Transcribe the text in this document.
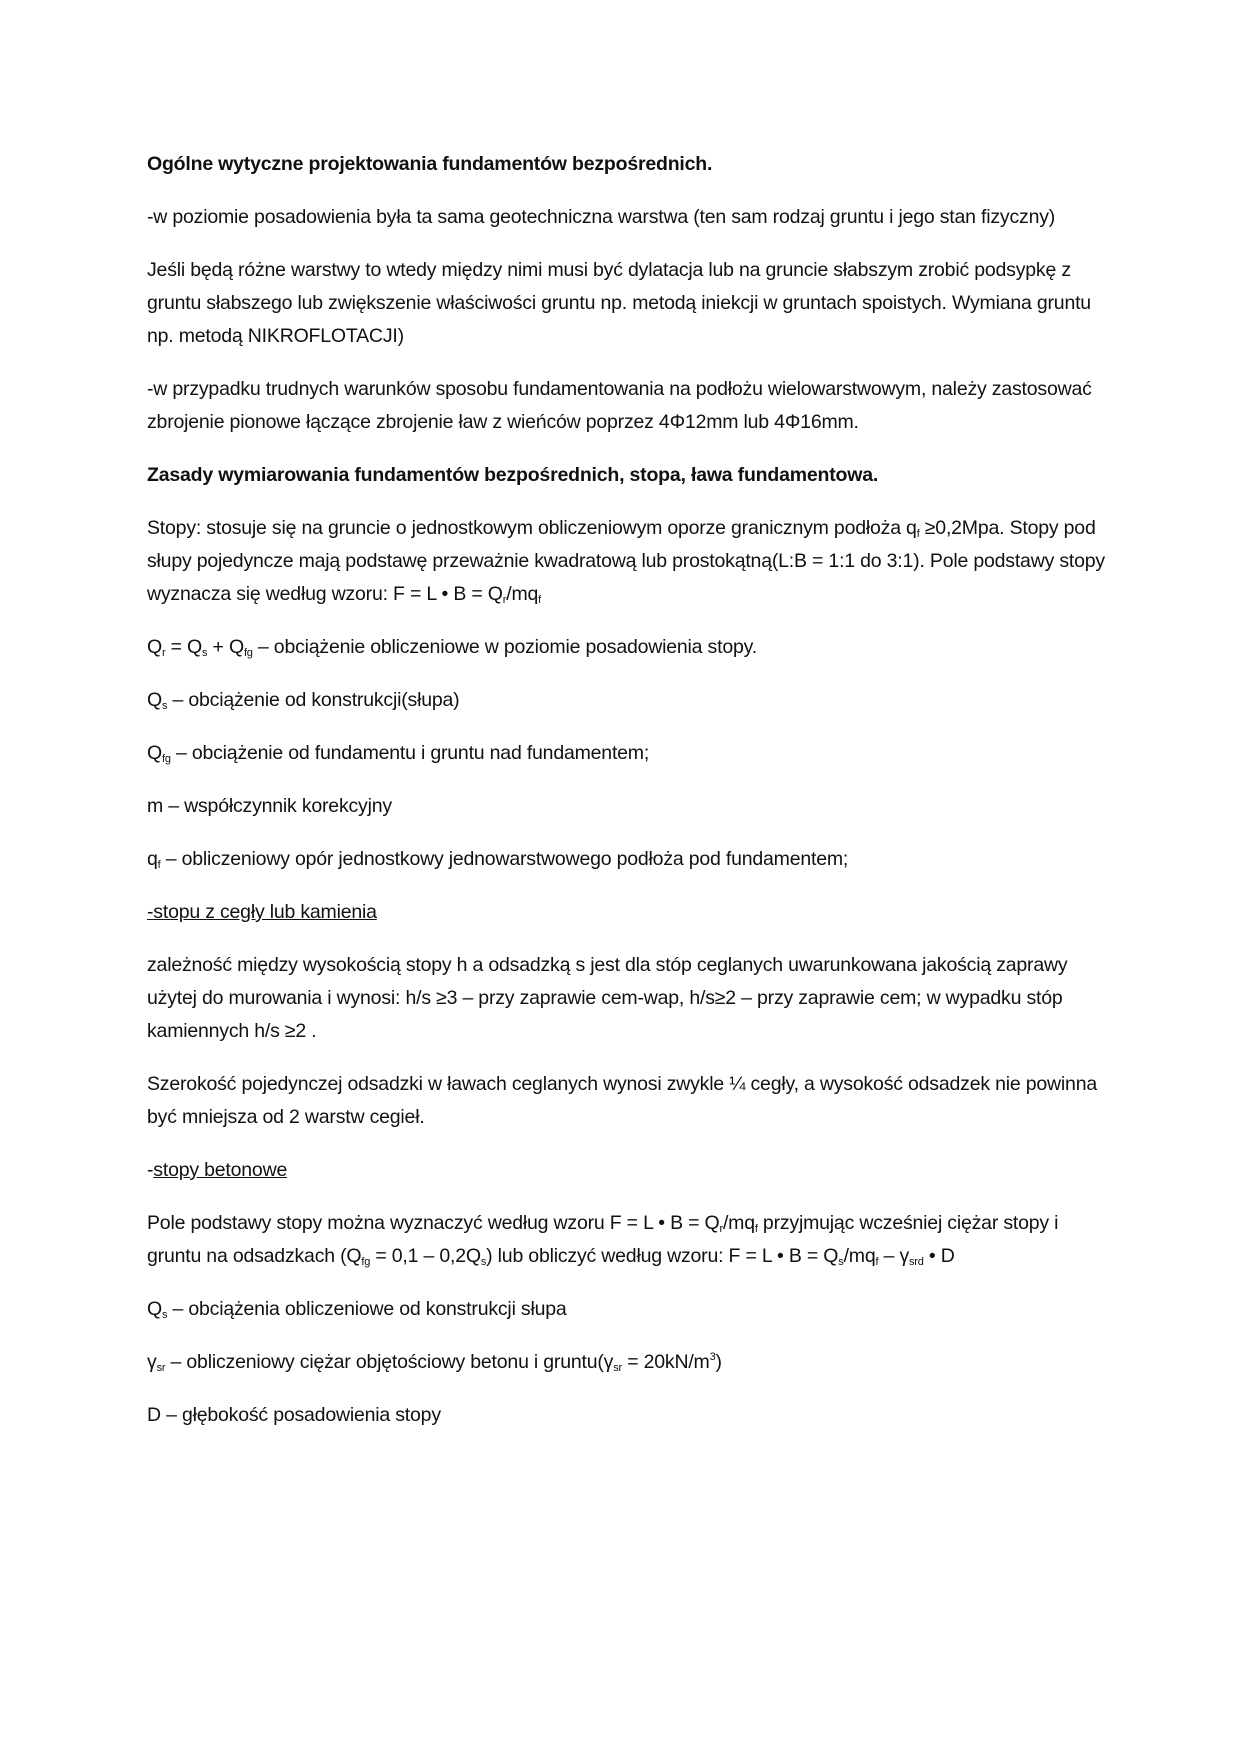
Ogólne wytyczne projektowania fundamentów bezpośrednich.

-w poziomie posadowienia była ta sama geotechniczna warstwa (ten sam rodzaj gruntu i jego stan fizyczny)

Jeśli będą różne warstwy to wtedy między nimi musi być dylatacja lub na gruncie słabszym zrobić podsypkę z gruntu słabszego lub zwiększenie właściwości gruntu np. metodą iniekcji w gruntach spoistych. Wymiana gruntu np. metodą NIKROFLOTACJI)

-w przypadku trudnych warunków sposobu fundamentowania na podłożu wielowarstwowym, należy zastosować zbrojenie pionowe łączące zbrojenie ław z wieńców poprzez 4Φ12mm lub 4Φ16mm.

Zasady wymiarowania fundamentów bezpośrednich, stopa, ława fundamentowa.

Stopy: stosuje się na gruncie o jednostkowym obliczeniowym oporze granicznym podłoża $q_f \ge 0,2Mpa$. Stopy pod słupy pojedyncze mają podstawę przeważnie kwadratową lub prostokątną(L:B = 1:1 do 3:1). Pole podstawy stopy wyznacza się według wzoru: F = L • $B = Q_r/mq_f$

$Q_r = Q_s + Q_{fg}$ – obciążenie obliczeniowe w poziomie posadowienia stopy.

$Q_s$ – obciążenie od konstrukcji(słupa)

$Q_{fg}$ – obciążenie od fundamentu i gruntu nad fundamentem;

m – współczynnik korekcyjny

$q_f$ – obliczeniowy opór jednostkowy jednowarstwowego podłoża pod fundamentem;

-stopu z cegły lub kamienia

zależność między wysokością stopy h a odsadzką s jest dla stóp ceglanych uwarunkowana jakością zaprawy użytej do murowania i wynosi: h/s ≥3 – przy zaprawie cem-wap, h/s≥2 – przy zaprawie cem; w wypadku stóp kamiennych h/s ≥2 .

Szerokość pojedynczej odsadzki w ławach ceglanych wynosi zwykle ¼ cegły, a wysokość odsadzek nie powinna być mniejsza od 2 warstw cegieł.

-stopy betonowe

Pole podstawy stopy można wyznaczyć według wzoru F = L • $B = Q_r/mq_f$ przyjmując wcześniej ciężar stopy i gruntu na odsadzkach $(Q_{fg} = 0,1 - 0,2Q_s)$ lub obliczyć według wzoru: F = L • $B = Q_s/mq_f - \gamma_{srd}$ • D

$Q_s$ – obciążenia obliczeniowe od konstrukcji słupa

$\gamma_{sr}$ – obliczeniowy ciężar objętościowy betonu i $gruntu(\gamma_{sr} = 20kN/m^3)$

D – głębokość posadowienia stopy
